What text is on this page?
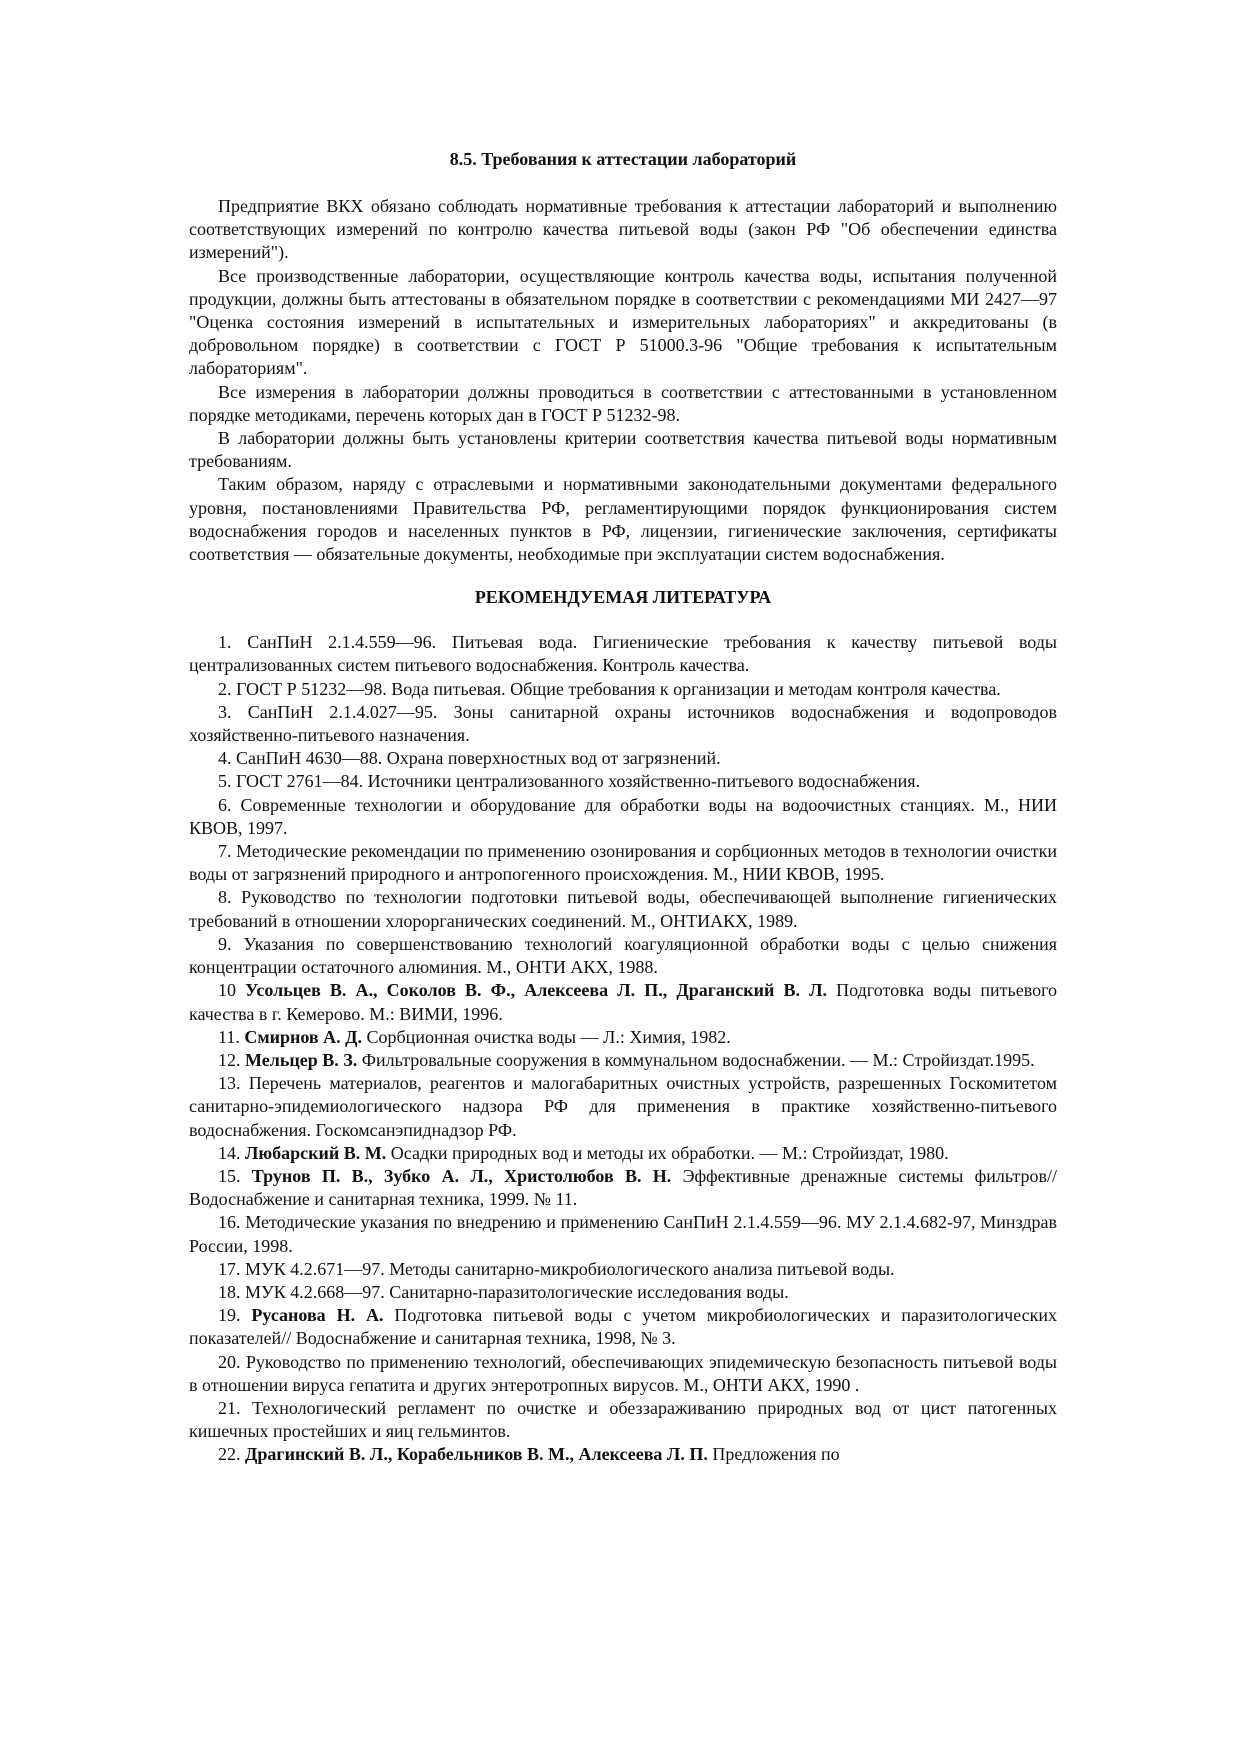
8.5. Требования к аттестации лабораторий

Предприятие ВКХ обязано соблюдать нормативные требования к аттестации лабораторий и выполнению соответствующих измерений по контролю качества питьевой воды (закон РФ "Об обеспечении единства измерений").

Все производственные лаборатории, осуществляющие контроль качества воды, испытания полученной продукции, должны быть аттестованы в обязательном порядке в соответствии с рекомендациями МИ 2427—97 "Оценка состояния измерений в испытательных и измерительных лабораториях" и аккредитованы (в добровольном порядке) в соответствии с ГОСТ Р 51000.3-96 "Общие требования к испытательным лабораториям".

Все измерения в лаборатории должны проводиться в соответствии с аттестованными в установленном порядке методиками, перечень которых дан в ГОСТ Р 51232-98.

В лаборатории должны быть установлены критерии соответствия качества питьевой воды нормативным требованиям.

Таким образом, наряду с отраслевыми и нормативными законодательными документами федерального уровня, постановлениями Правительства РФ, регламентирующими порядок функционирования систем водоснабжения городов и населенных пунктов в РФ, лицензии, гигиенические заключения, сертификаты соответствия — обязательные документы, необходимые при эксплуатации систем водоснабжения.

РЕКОМЕНДУЕМАЯ ЛИТЕРАТУРА

1. СанПиН 2.1.4.559—96. Питьевая вода. Гигиенические требования к качеству питьевой воды централизованных систем питьевого водоснабжения. Контроль качества.

2. ГОСТ Р 51232—98. Вода питьевая. Общие требования к организации и методам контроля качества.

3. СанПиН 2.1.4.027—95. Зоны санитарной охраны источников водоснабжения и водопроводов хозяйственно-питьевого назначения.

4. СанПиН 4630—88. Охрана поверхностных вод от загрязнений.

5. ГОСТ 2761—84. Источники централизованного хозяйственно-питьевого водоснабжения.

6. Современные технологии и оборудование для обработки воды на водоочистных станциях. М., НИИ КВОВ, 1997.

7. Методические рекомендации по применению озонирования и сорбционных методов в технологии очистки воды от загрязнений природного и антропогенного происхождения. М., НИИ КВОВ, 1995.

8. Руководство по технологии подготовки питьевой воды, обеспечивающей выполнение гигиенических требований в отношении хлорорганических соединений. М., ОНТИАКХ, 1989.

9. Указания по совершенствованию технологий коагуляционной обработки воды с целью снижения концентрации остаточного алюминия. М., ОНТИ АКХ, 1988.

10 Усольцев В. А., Соколов В. Ф., Алексеева Л. П., Драганский В. Л. Подготовка воды питьевого качества в г. Кемерово. М.: ВИМИ, 1996.

11. Смирнов А. Д. Сорбционная очистка воды — Л.: Химия, 1982.

12. Мельцер В. З. Фильтровальные сооружения в коммунальном водоснабжении. — М.: Стройиздат.1995.

13. Перечень материалов, реагентов и малогабаритных очистных устройств, разрешенных Госкомитетом санитарно-эпидемиологического надзора РФ для применения в практике хозяйственно-питьевого водоснабжения. Госкомсанэпиднадзор РФ.

14. Любарский В. М. Осадки природных вод и методы их обработки. — М.: Стройиздат, 1980.

15. Трунов П. В., Зубко А. Л., Христолюбов В. Н. Эффективные дренажные системы фильтров// Водоснабжение и санитарная техника, 1999. № 11.

16. Методические указания по внедрению и применению СанПиН 2.1.4.559—96. МУ 2.1.4.682-97, Минздрав России, 1998.

17. МУК 4.2.671—97. Методы санитарно-микробиологического анализа питьевой воды.

18. МУК 4.2.668—97. Санитарно-паразитологические исследования воды.

19. Русанова Н. А. Подготовка питьевой воды с учетом микробиологических и паразитологических показателей// Водоснабжение и санитарная техника, 1998, № 3.

20. Руководство по применению технологий, обеспечивающих эпидемическую безопасность питьевой воды в отношении вируса гепатита и других энтеротропных вирусов. М., ОНТИ АКХ, 1990 .

21. Технологический регламент по очистке и обеззараживанию природных вод от цист патогенных кишечных простейших и яиц гельминтов.

22. Драгинский В. Л., Корабельников В. М., Алексеева Л. П. Предложения по
